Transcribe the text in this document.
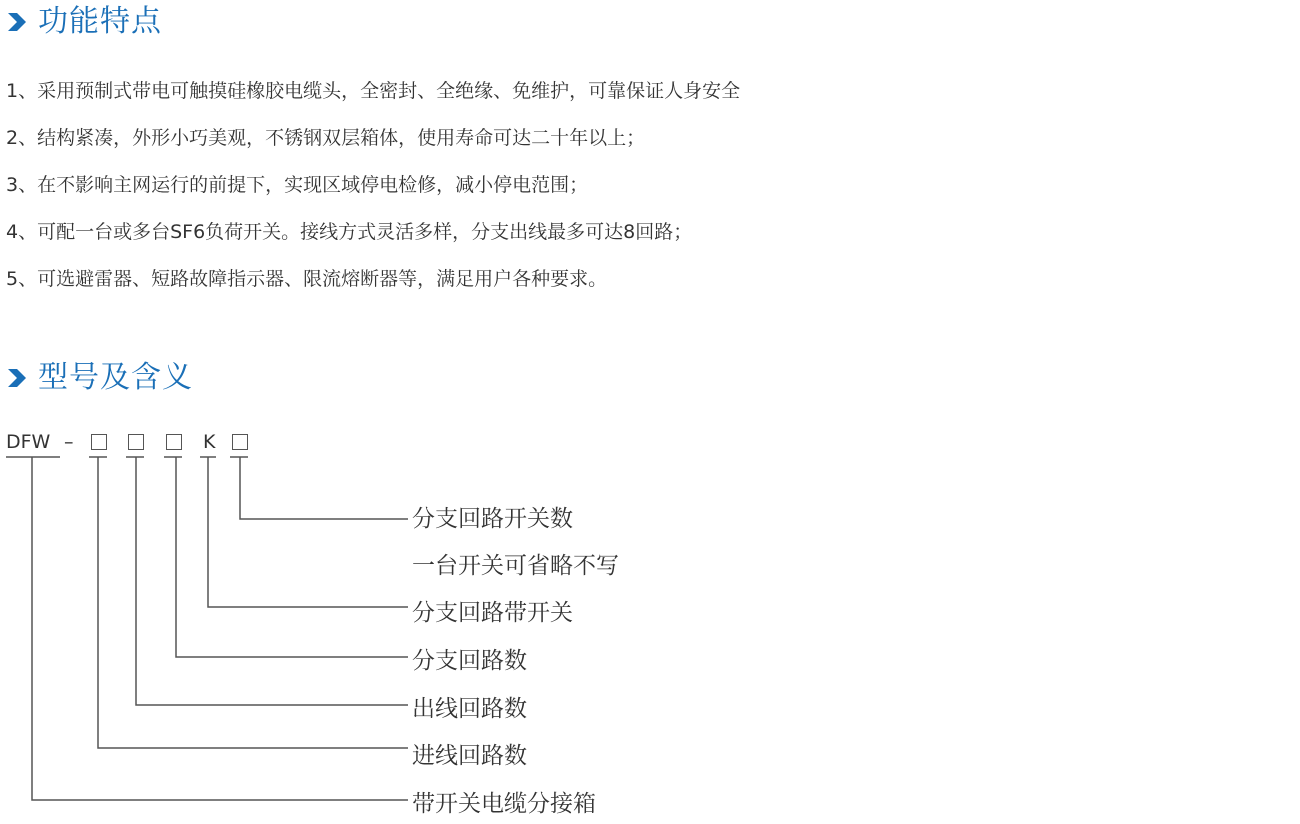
功能特点
1、采用预制式带电可触摸硅橡胶电缆头，全密封、全绝缘、免维护，可靠保证人身安全
2、结构紧凑，外形小巧美观，不锈钢双层箱体，使用寿命可达二十年以上；
3、在不影响主网运行的前提下，实现区域停电检修，减小停电范围；
4、可配一台或多台SF6负荷开关。接线方式灵活多样，分支出线最多可达8回路；
5、可选避雷器、短路故障指示器、限流熔断器等，满足用户各种要求。
型号及含义
DFW –	K
分支回路开关数
一台开关可省略不写
分支回路带开关
分支回路数
出线回路数
进线回路数
带开关电缆分接箱
